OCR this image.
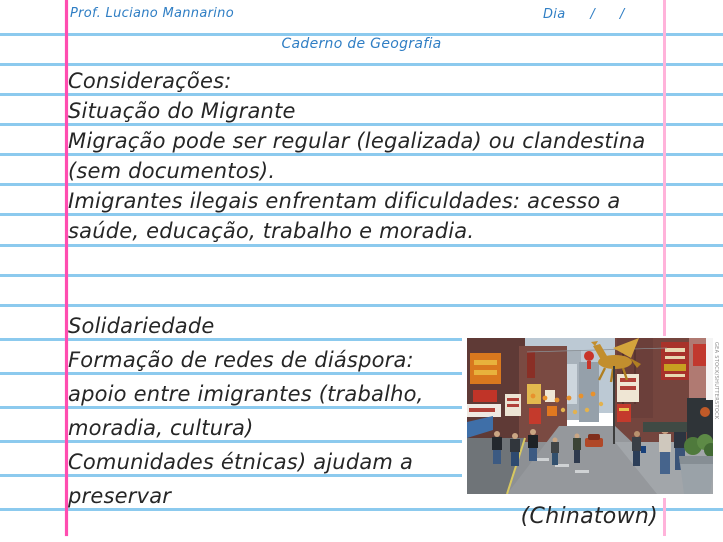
Prof. Luciano Mannarino	Dia  /  /
Caderno de Geografia
Considerações:
Situação do Migrante
Migração pode ser regular (legalizada) ou clandestina
(sem documentos).
Imigrantes ilegais enfrentam dificuldades: acesso a
saúde, educação, trabalho e moradia.
Solidariedade
Formação de redes de diáspora:
apoio entre imigrantes (trabalho,
moradia, cultura)
Comunidades étnicas) ajudam a
preservar
GEA STOCK/SHUTTERSTOCK
(Chinatown)
